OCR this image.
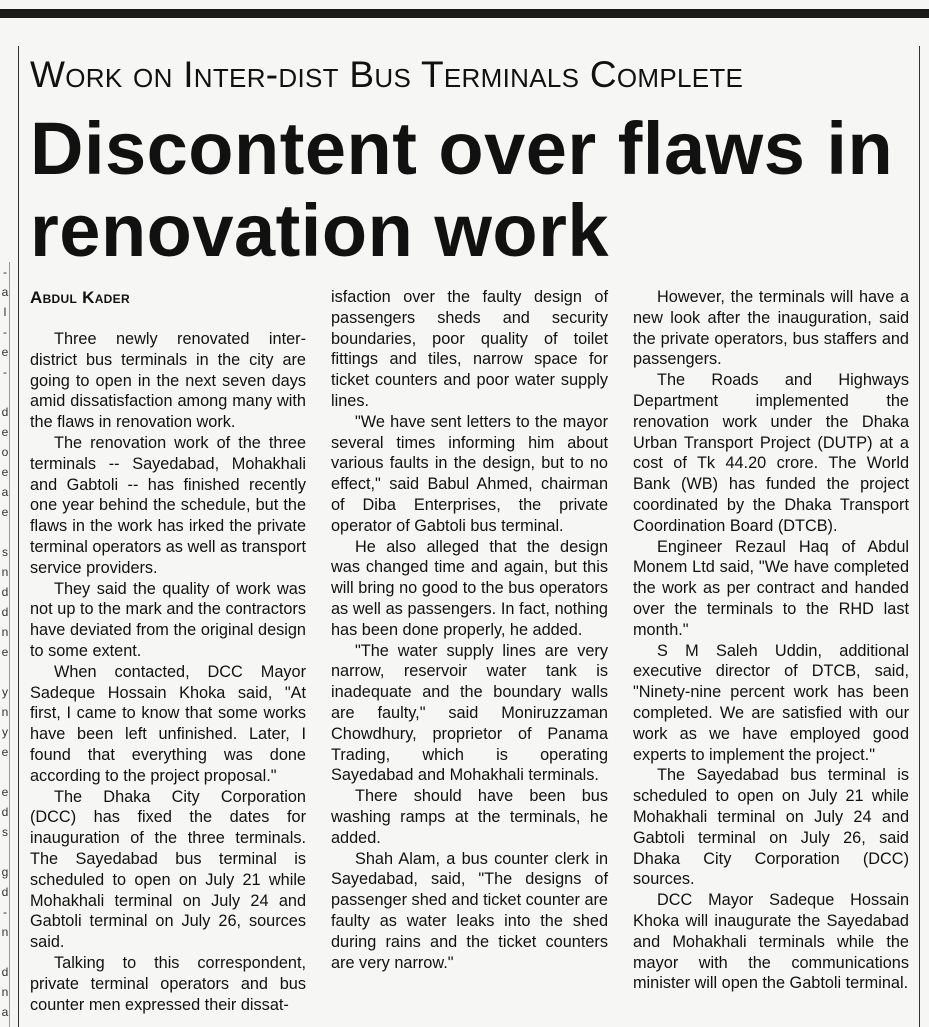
-
a
l
-
e
-
d
e
o
e
a
e
s
n
d
d
n
e
y
n
y
e
e
d
s
g
d
-
n
d
n
a
Work on Inter-dist Bus Terminals Complete
Discontent over flaws in renovation work
Abdul Kader

Three newly renovated inter-district bus terminals in the city are going to open in the next seven days amid dissatisfaction among many with the flaws in renovation work.

The renovation work of the three terminals -- Sayedabad, Mohakhali and Gabtoli -- has finished recently one year behind the schedule, but the flaws in the work has irked the private terminal operators as well as transport service providers.

They said the quality of work was not up to the mark and the contractors have deviated from the original design to some extent.

When contacted, DCC Mayor Sadeque Hossain Khoka said, "At first, I came to know that some works have been left unfinished. Later, I found that everything was done according to the project proposal."

The Dhaka City Corporation (DCC) has fixed the dates for inauguration of the three terminals. The Sayedabad bus terminal is scheduled to open on July 21 while Mohakhali terminal on July 24 and Gabtoli terminal on July 26, sources said.

Talking to this correspondent, private terminal operators and bus counter men expressed their dissat-

isfaction over the faulty design of passengers sheds and security boundaries, poor quality of toilet fittings and tiles, narrow space for ticket counters and poor water supply lines.

"We have sent letters to the mayor several times informing him about various faults in the design, but to no effect," said Babul Ahmed, chairman of Diba Enterprises, the private operator of Gabtoli bus terminal.

He also alleged that the design was changed time and again, but this will bring no good to the bus operators as well as passengers. In fact, nothing has been done properly, he added.

"The water supply lines are very narrow, reservoir water tank is inadequate and the boundary walls are faulty," said Moniruzzaman Chowdhury, proprietor of Panama Trading, which is operating Sayedabad and Mohakhali terminals.

There should have been bus washing ramps at the terminals, he added.

Shah Alam, a bus counter clerk in Sayedabad, said, "The designs of passenger shed and ticket counter are faulty as water leaks into the shed during rains and the ticket counters are very narrow."

However, the terminals will have a new look after the inauguration, said the private operators, bus staffers and passengers.

The Roads and Highways Department implemented the renovation work under the Dhaka Urban Transport Project (DUTP) at a cost of Tk 44.20 crore. The World Bank (WB) has funded the project coordinated by the Dhaka Transport Coordination Board (DTCB).

Engineer Rezaul Haq of Abdul Monem Ltd said, "We have completed the work as per contract and handed over the terminals to the RHD last month."

S M Saleh Uddin, additional executive director of DTCB, said, "Ninety-nine percent work has been completed. We are satisfied with our work as we have employed good experts to implement the project."

The Sayedabad bus terminal is scheduled to open on July 21 while Mohakhali terminal on July 24 and Gabtoli terminal on July 26, said Dhaka City Corporation (DCC) sources.

DCC Mayor Sadeque Hossain Khoka will inaugurate the Sayedabad and Mohakhali terminals while the mayor with the communications minister will open the Gabtoli terminal.
